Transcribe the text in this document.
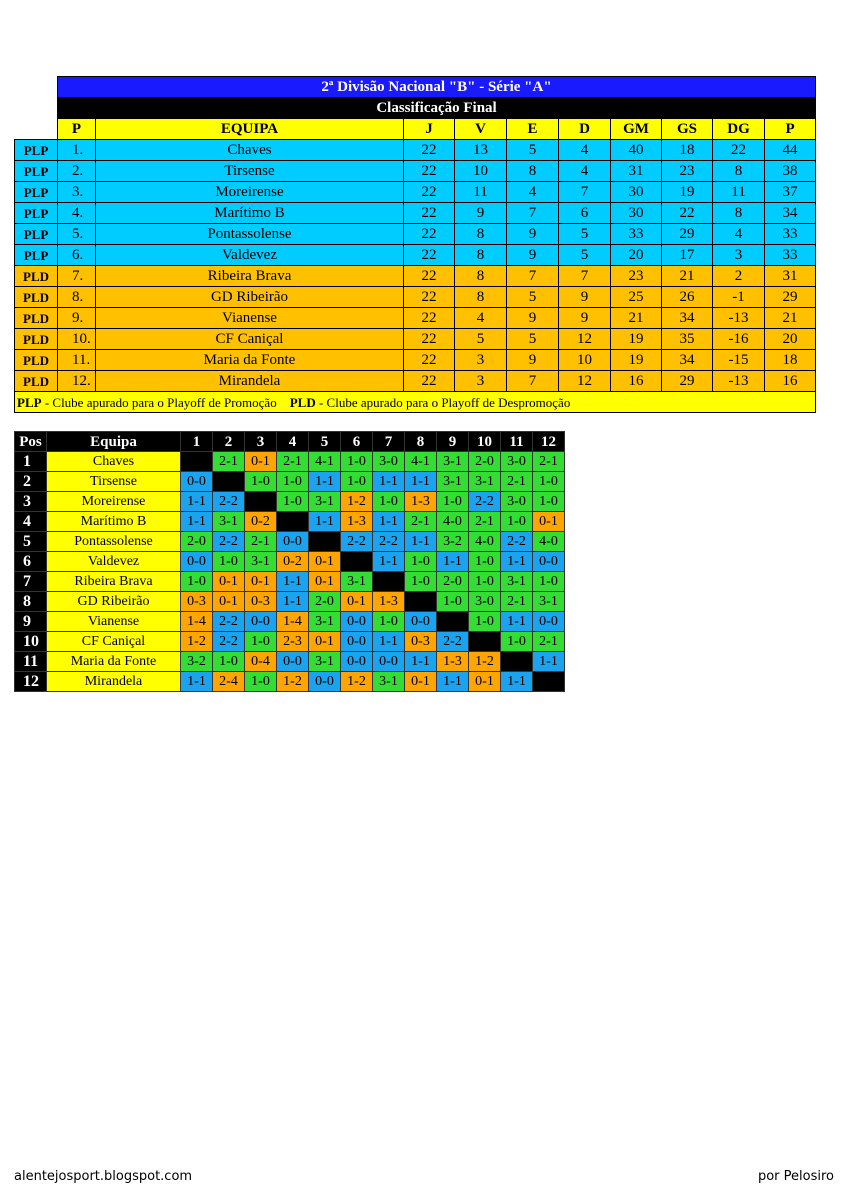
	2ª Divisão Nacional "B" - Série "A"									
	Classificação Final									
	P	EQUIPA	J	V	E	D	GM	GS	DG	P
PLP	1.	Chaves	22	13	5	4	40	18	22	44
PLP	2.	Tirsense	22	10	8	4	31	23	8	38
PLP	3.	Moreirense	22	11	4	7	30	19	11	37
PLP	4.	Marítimo B	22	9	7	6	30	22	8	34
PLP	5.	Pontassolense	22	8	9	5	33	29	4	33
PLP	6.	Valdevez	22	8	9	5	20	17	3	33
PLD	7.	Ribeira Brava	22	8	7	7	23	21	2	31
PLD	8.	GD Ribeirão	22	8	5	9	25	26	-1	29
PLD	9.	Vianense	22	4	9	9	21	34	-13	21
PLD	10.	CF Caniçal	22	5	5	12	19	35	-16	20
PLD	11.	Maria da Fonte	22	3	9	10	19	34	-15	18
PLD	12.	Mirandela	22	3	7	12	16	29	-13	16
PLP - Clube apurado para o Playoff de Promoção PLD - Clube apurado para o Playoff de Despromoção										
Pos	Equipa	1	2	3	4	5	6	7	8	9	10	11	12
1	Chaves		2-1	0-1	2-1	4-1	1-0	3-0	4-1	3-1	2-0	3-0	2-1
2	Tirsense	0-0		1-0	1-0	1-1	1-0	1-1	1-1	3-1	3-1	2-1	1-0
3	Moreirense	1-1	2-2		1-0	3-1	1-2	1-0	1-3	1-0	2-2	3-0	1-0
4	Marítimo B	1-1	3-1	0-2		1-1	1-3	1-1	2-1	4-0	2-1	1-0	0-1
5	Pontassolense	2-0	2-2	2-1	0-0		2-2	2-2	1-1	3-2	4-0	2-2	4-0
6	Valdevez	0-0	1-0	3-1	0-2	0-1		1-1	1-0	1-1	1-0	1-1	0-0
7	Ribeira Brava	1-0	0-1	0-1	1-1	0-1	3-1		1-0	2-0	1-0	3-1	1-0
8	GD Ribeirão	0-3	0-1	0-3	1-1	2-0	0-1	1-3		1-0	3-0	2-1	3-1
9	Vianense	1-4	2-2	0-0	1-4	3-1	0-0	1-0	0-0		1-0	1-1	0-0
10	CF Caniçal	1-2	2-2	1-0	2-3	0-1	0-0	1-1	0-3	2-2		1-0	2-1
11	Maria da Fonte	3-2	1-0	0-4	0-0	3-1	0-0	0-0	1-1	1-3	1-2		1-1
12	Mirandela	1-1	2-4	1-0	1-2	0-0	1-2	3-1	0-1	1-1	0-1	1-1	
alentejosport.blogspot.com	por Pelosiro
